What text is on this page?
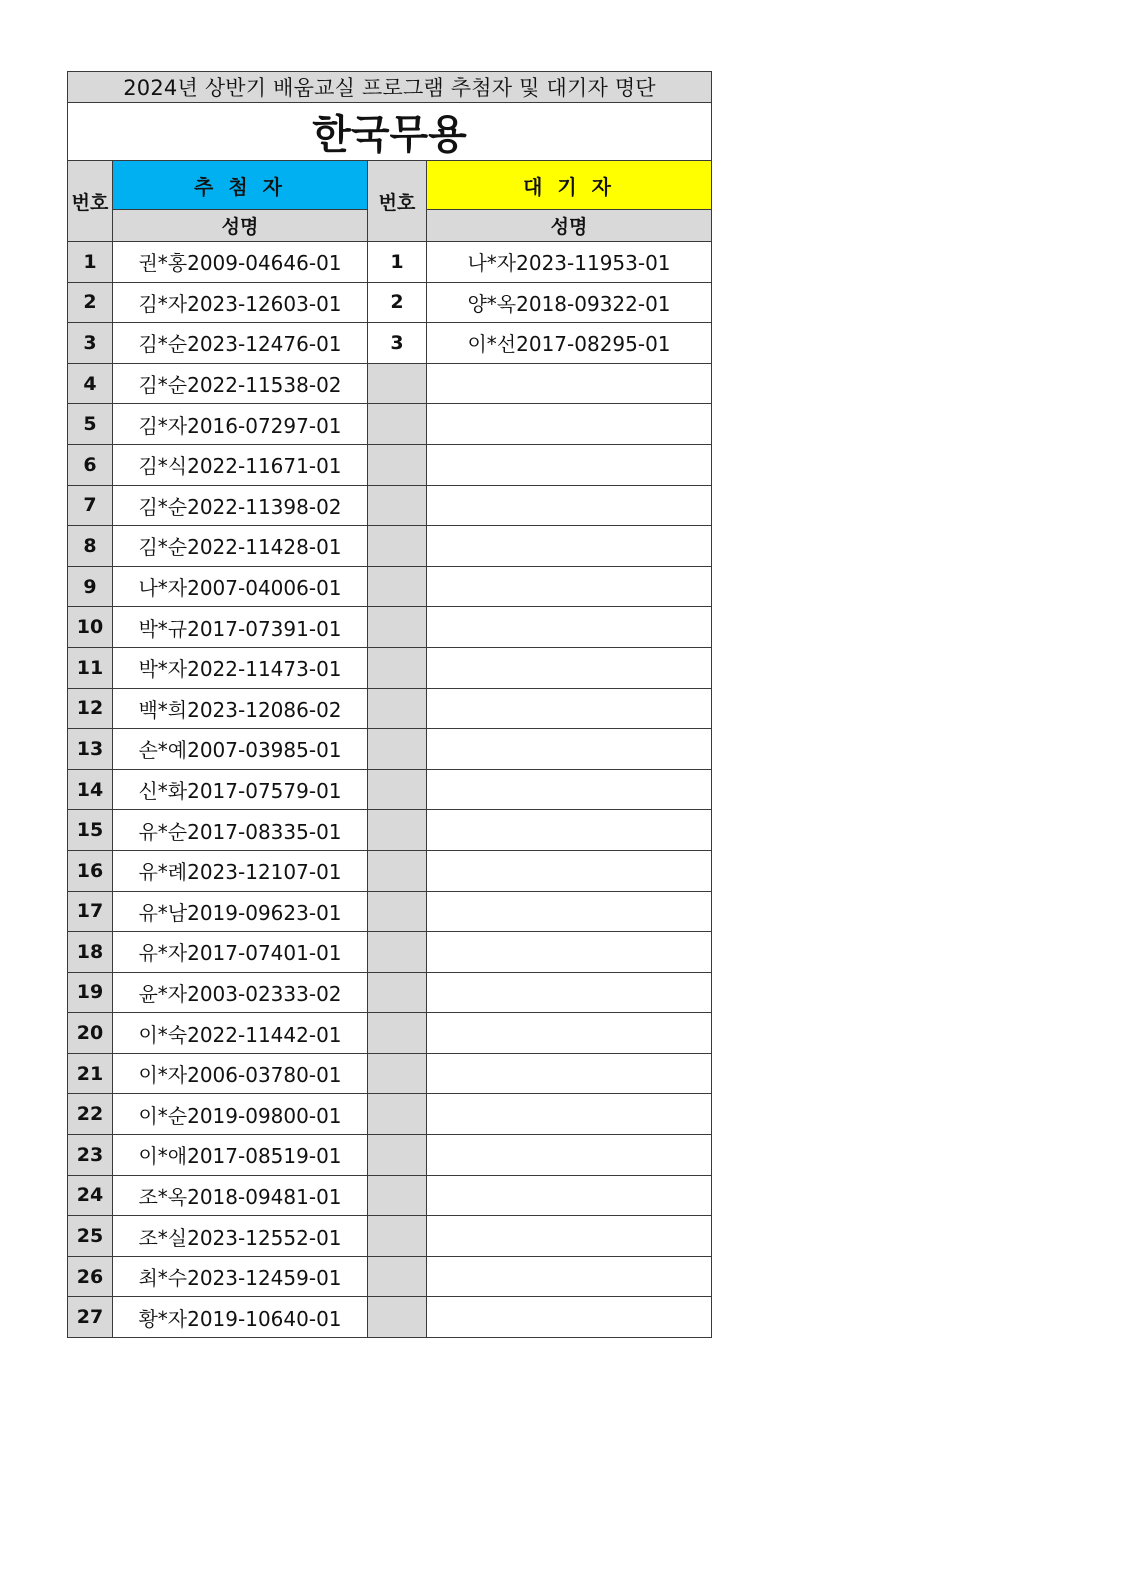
2024년 상반기 배움교실 프로그램 추첨자 및 대기자 명단			
한국무용			
번호	추 첨 자	번호	대 기 자
	성명		성명
1	권*홍2009-04646-01	1	나*자2023-11953-01
2	김*자2023-12603-01	2	양*옥2018-09322-01
3	김*순2023-12476-01	3	이*선2017-08295-01
4	김*순2022-11538-02		
5	김*자2016-07297-01		
6	김*식2022-11671-01		
7	김*순2022-11398-02		
8	김*순2022-11428-01		
9	나*자2007-04006-01		
10	박*규2017-07391-01		
11	박*자2022-11473-01		
12	백*희2023-12086-02		
13	손*예2007-03985-01		
14	신*화2017-07579-01		
15	유*순2017-08335-01		
16	유*례2023-12107-01		
17	유*남2019-09623-01		
18	유*자2017-07401-01		
19	윤*자2003-02333-02		
20	이*숙2022-11442-01		
21	이*자2006-03780-01		
22	이*순2019-09800-01		
23	이*애2017-08519-01		
24	조*옥2018-09481-01		
25	조*실2023-12552-01		
26	최*수2023-12459-01		
27	황*자2019-10640-01		
